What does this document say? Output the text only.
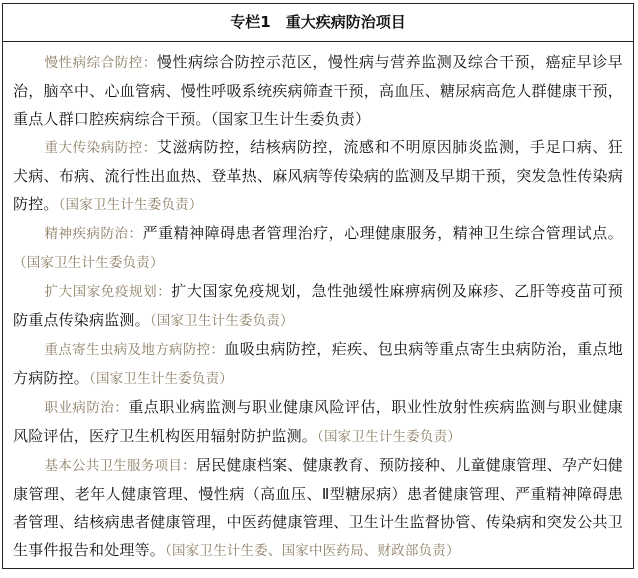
专栏1　重大疾病防治项目

慢性病综合防控：慢性病综合防控示范区，慢性病与营养监测及综合干预，癌症早诊早治，脑卒中、心血管病、慢性呼吸系统疾病筛查干预，高血压、糖尿病高危人群健康干预，重点人群口腔疾病综合干预。（国家卫生计生委负责）

重大传染病防控：艾滋病防控，结核病防控，流感和不明原因肺炎监测，手足口病、狂犬病、布病、流行性出血热、登革热、麻风病等传染病的监测及早期干预，突发急性传染病防控。（国家卫生计生委负责）

精神疾病防治：严重精神障碍患者管理治疗，心理健康服务，精神卫生综合管理试点。（国家卫生计生委负责）

扩大国家免疫规划：扩大国家免疫规划，急性弛缓性麻痹病例及麻疹、乙肝等疫苗可预防重点传染病监测。（国家卫生计生委负责）

重点寄生虫病及地方病防控：血吸虫病防控，疟疾、包虫病等重点寄生虫病防治，重点地方病防控。（国家卫生计生委负责）

职业病防治：重点职业病监测与职业健康风险评估，职业性放射性疾病监测与职业健康风险评估，医疗卫生机构医用辐射防护监测。（国家卫生计生委负责）

基本公共卫生服务项目：居民健康档案、健康教育、预防接种、儿童健康管理、孕产妇健康管理、老年人健康管理、慢性病（高血压、Ⅱ型糖尿病）患者健康管理、严重精神障碍患者管理、结核病患者健康管理，中医药健康管理、卫生计生监督协管、传染病和突发公共卫生事件报告和处理等。（国家卫生计生委、国家中医药局、财政部负责）
